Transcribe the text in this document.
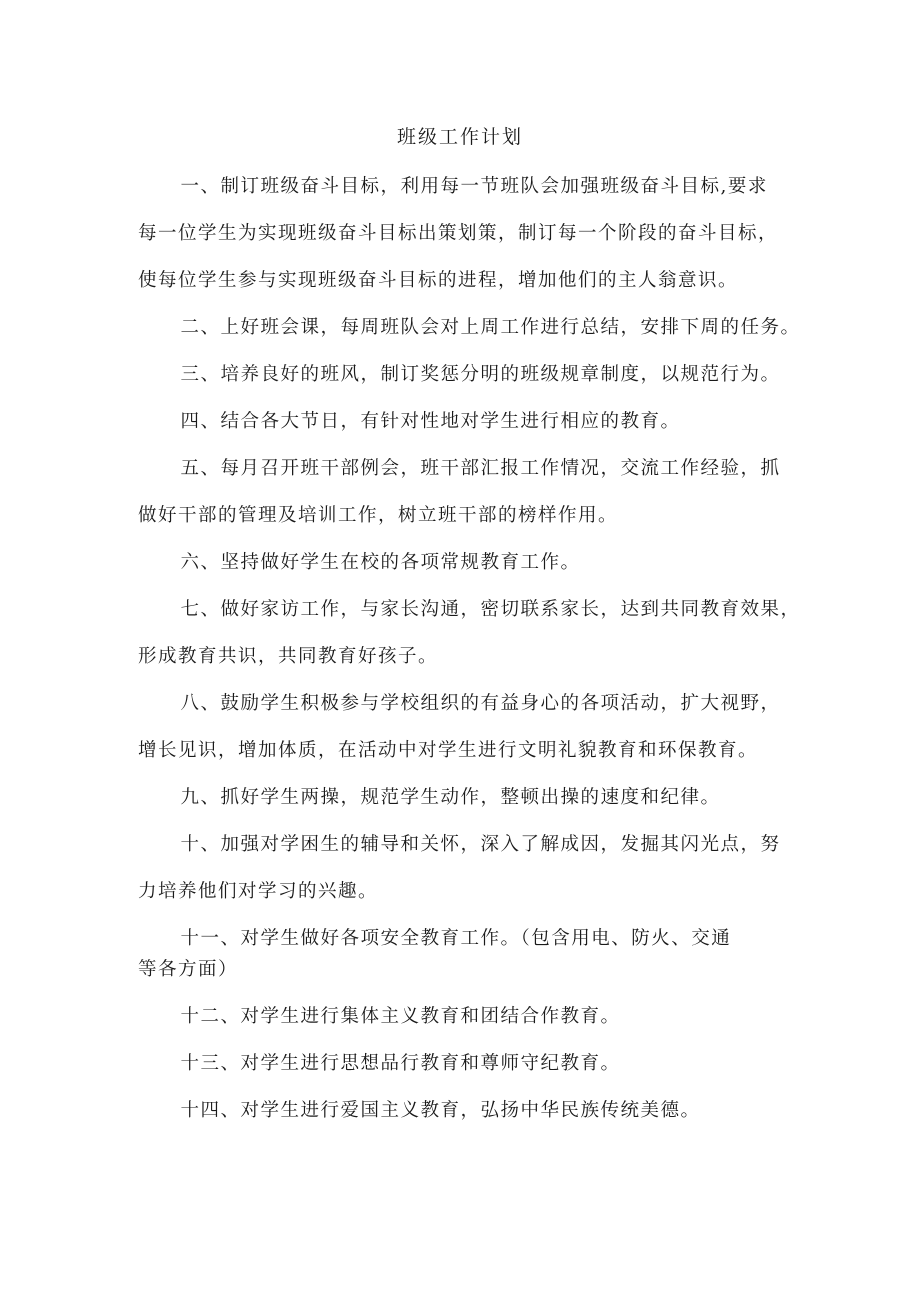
班级工作计划

一、制订班级奋斗目标，利用每一节班队会加强班级奋斗目标,要求
每一位学生为实现班级奋斗目标出策划策，制订每一个阶段的奋斗目标，
使每位学生参与实现班级奋斗目标的进程，增加他们的主人翁意识。

二、上好班会课，每周班队会对上周工作进行总结，安排下周的任务。

三、培养良好的班风，制订奖惩分明的班级规章制度，以规范行为。

四、结合各大节日，有针对性地对学生进行相应的教育。

五、每月召开班干部例会，班干部汇报工作情况，交流工作经验，抓
做好干部的管理及培训工作，树立班干部的榜样作用。

六、坚持做好学生在校的各项常规教育工作。

七、做好家访工作，与家长沟通，密切联系家长，达到共同教育效果，
形成教育共识，共同教育好孩子。

八、鼓励学生积极参与学校组织的有益身心的各项活动，扩大视野，
增长见识，增加体质，在活动中对学生进行文明礼貌教育和环保教育。

九、抓好学生两操，规范学生动作，整顿出操的速度和纪律。

十、加强对学困生的辅导和关怀，深入了解成因，发掘其闪光点，努
力培养他们对学习的兴趣。

十一、对学生做好各项安全教育工作。（包含用电、防火、交通
等各方面）

十二、对学生进行集体主义教育和团结合作教育。

十三、对学生进行思想品行教育和尊师守纪教育。

十四、对学生进行爱国主义教育，弘扬中华民族传统美德。
